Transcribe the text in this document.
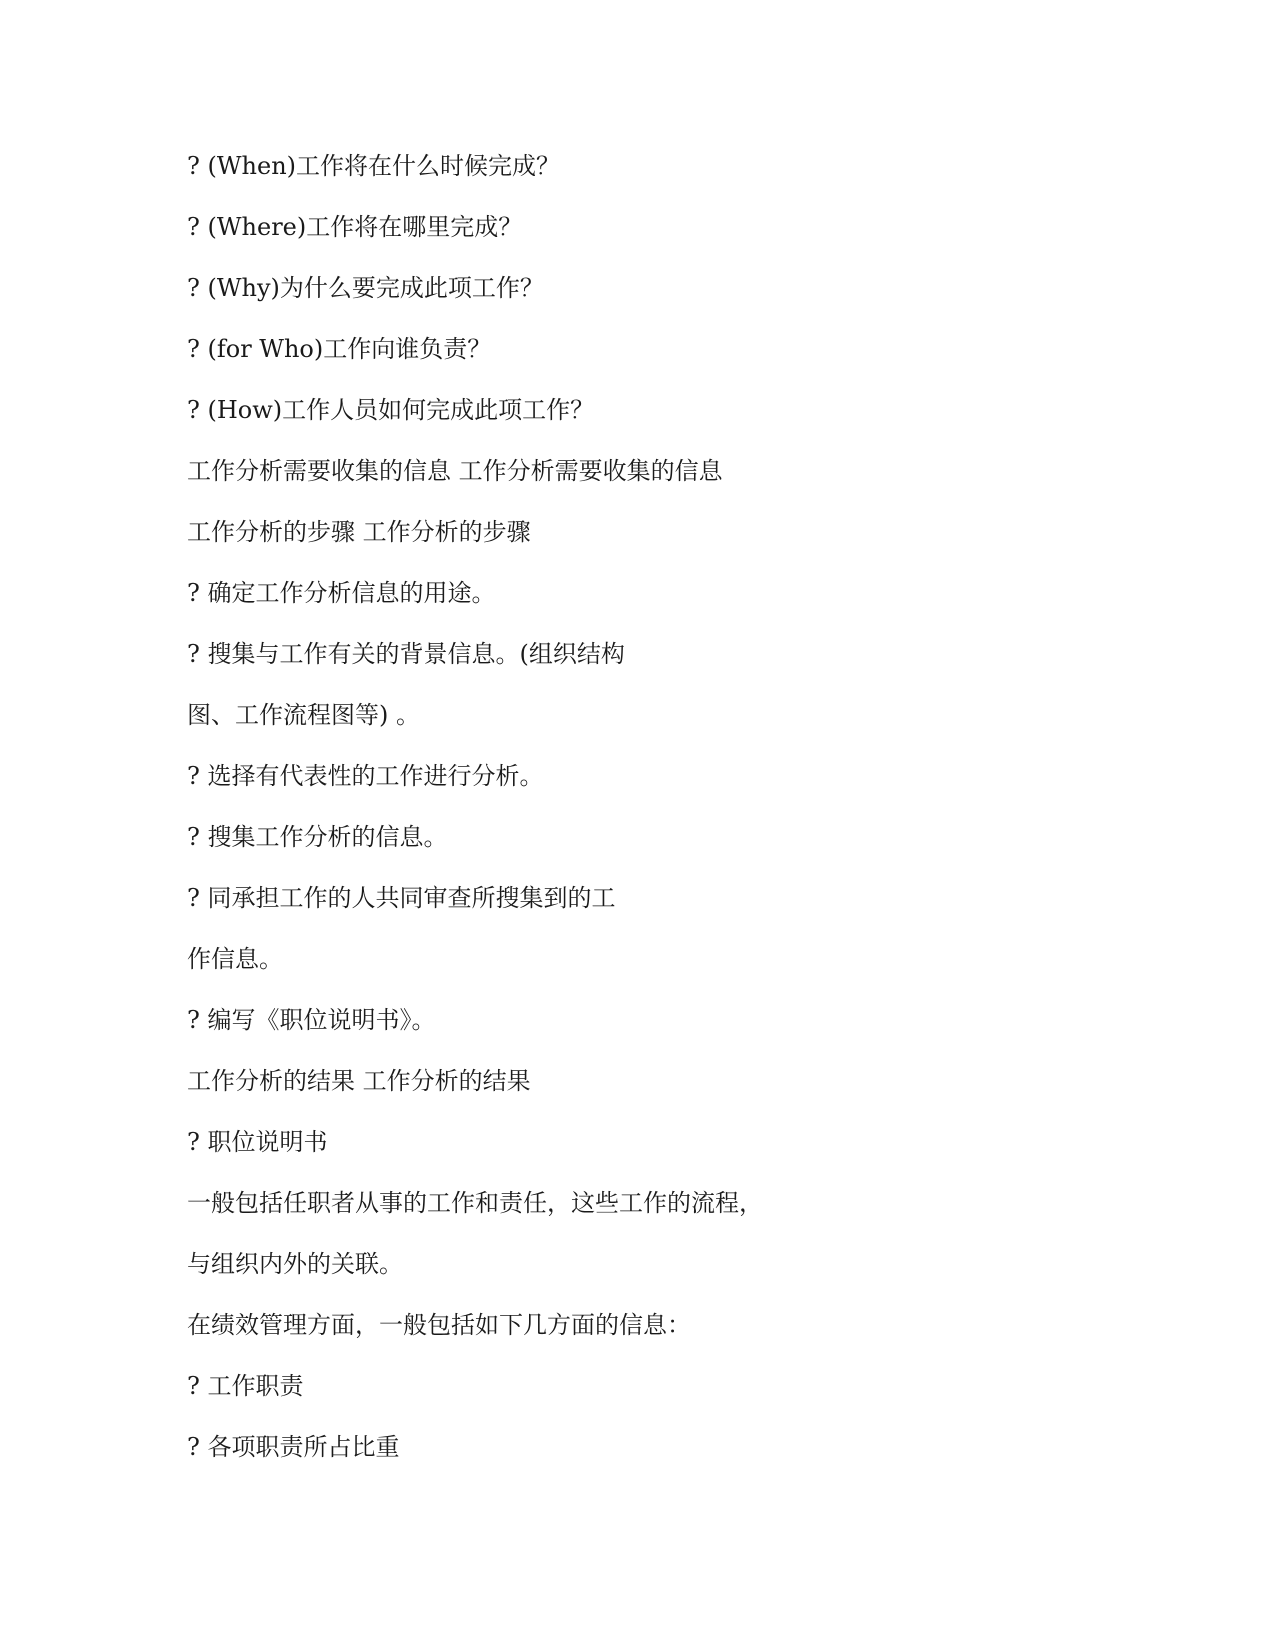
? (When)工作将在什么时候完成？
? (Where)工作将在哪里完成？
? (Why)为什么要完成此项工作？
? (for Who)工作向谁负责？
? (How)工作人员如何完成此项工作？
工作分析需要收集的信息 工作分析需要收集的信息
工作分析的步骤 工作分析的步骤
? 确定工作分析信息的用途。
? 搜集与工作有关的背景信息。(组织结构
图、工作流程图等) 。
? 选择有代表性的工作进行分析。
? 搜集工作分析的信息。
? 同承担工作的人共同审查所搜集到的工
作信息。
? 编写《职位说明书》。
工作分析的结果 工作分析的结果
? 职位说明书
一般包括任职者从事的工作和责任，这些工作的流程，
与组织内外的关联。
在绩效管理方面，一般包括如下几方面的信息：
? 工作职责
? 各项职责所占比重
